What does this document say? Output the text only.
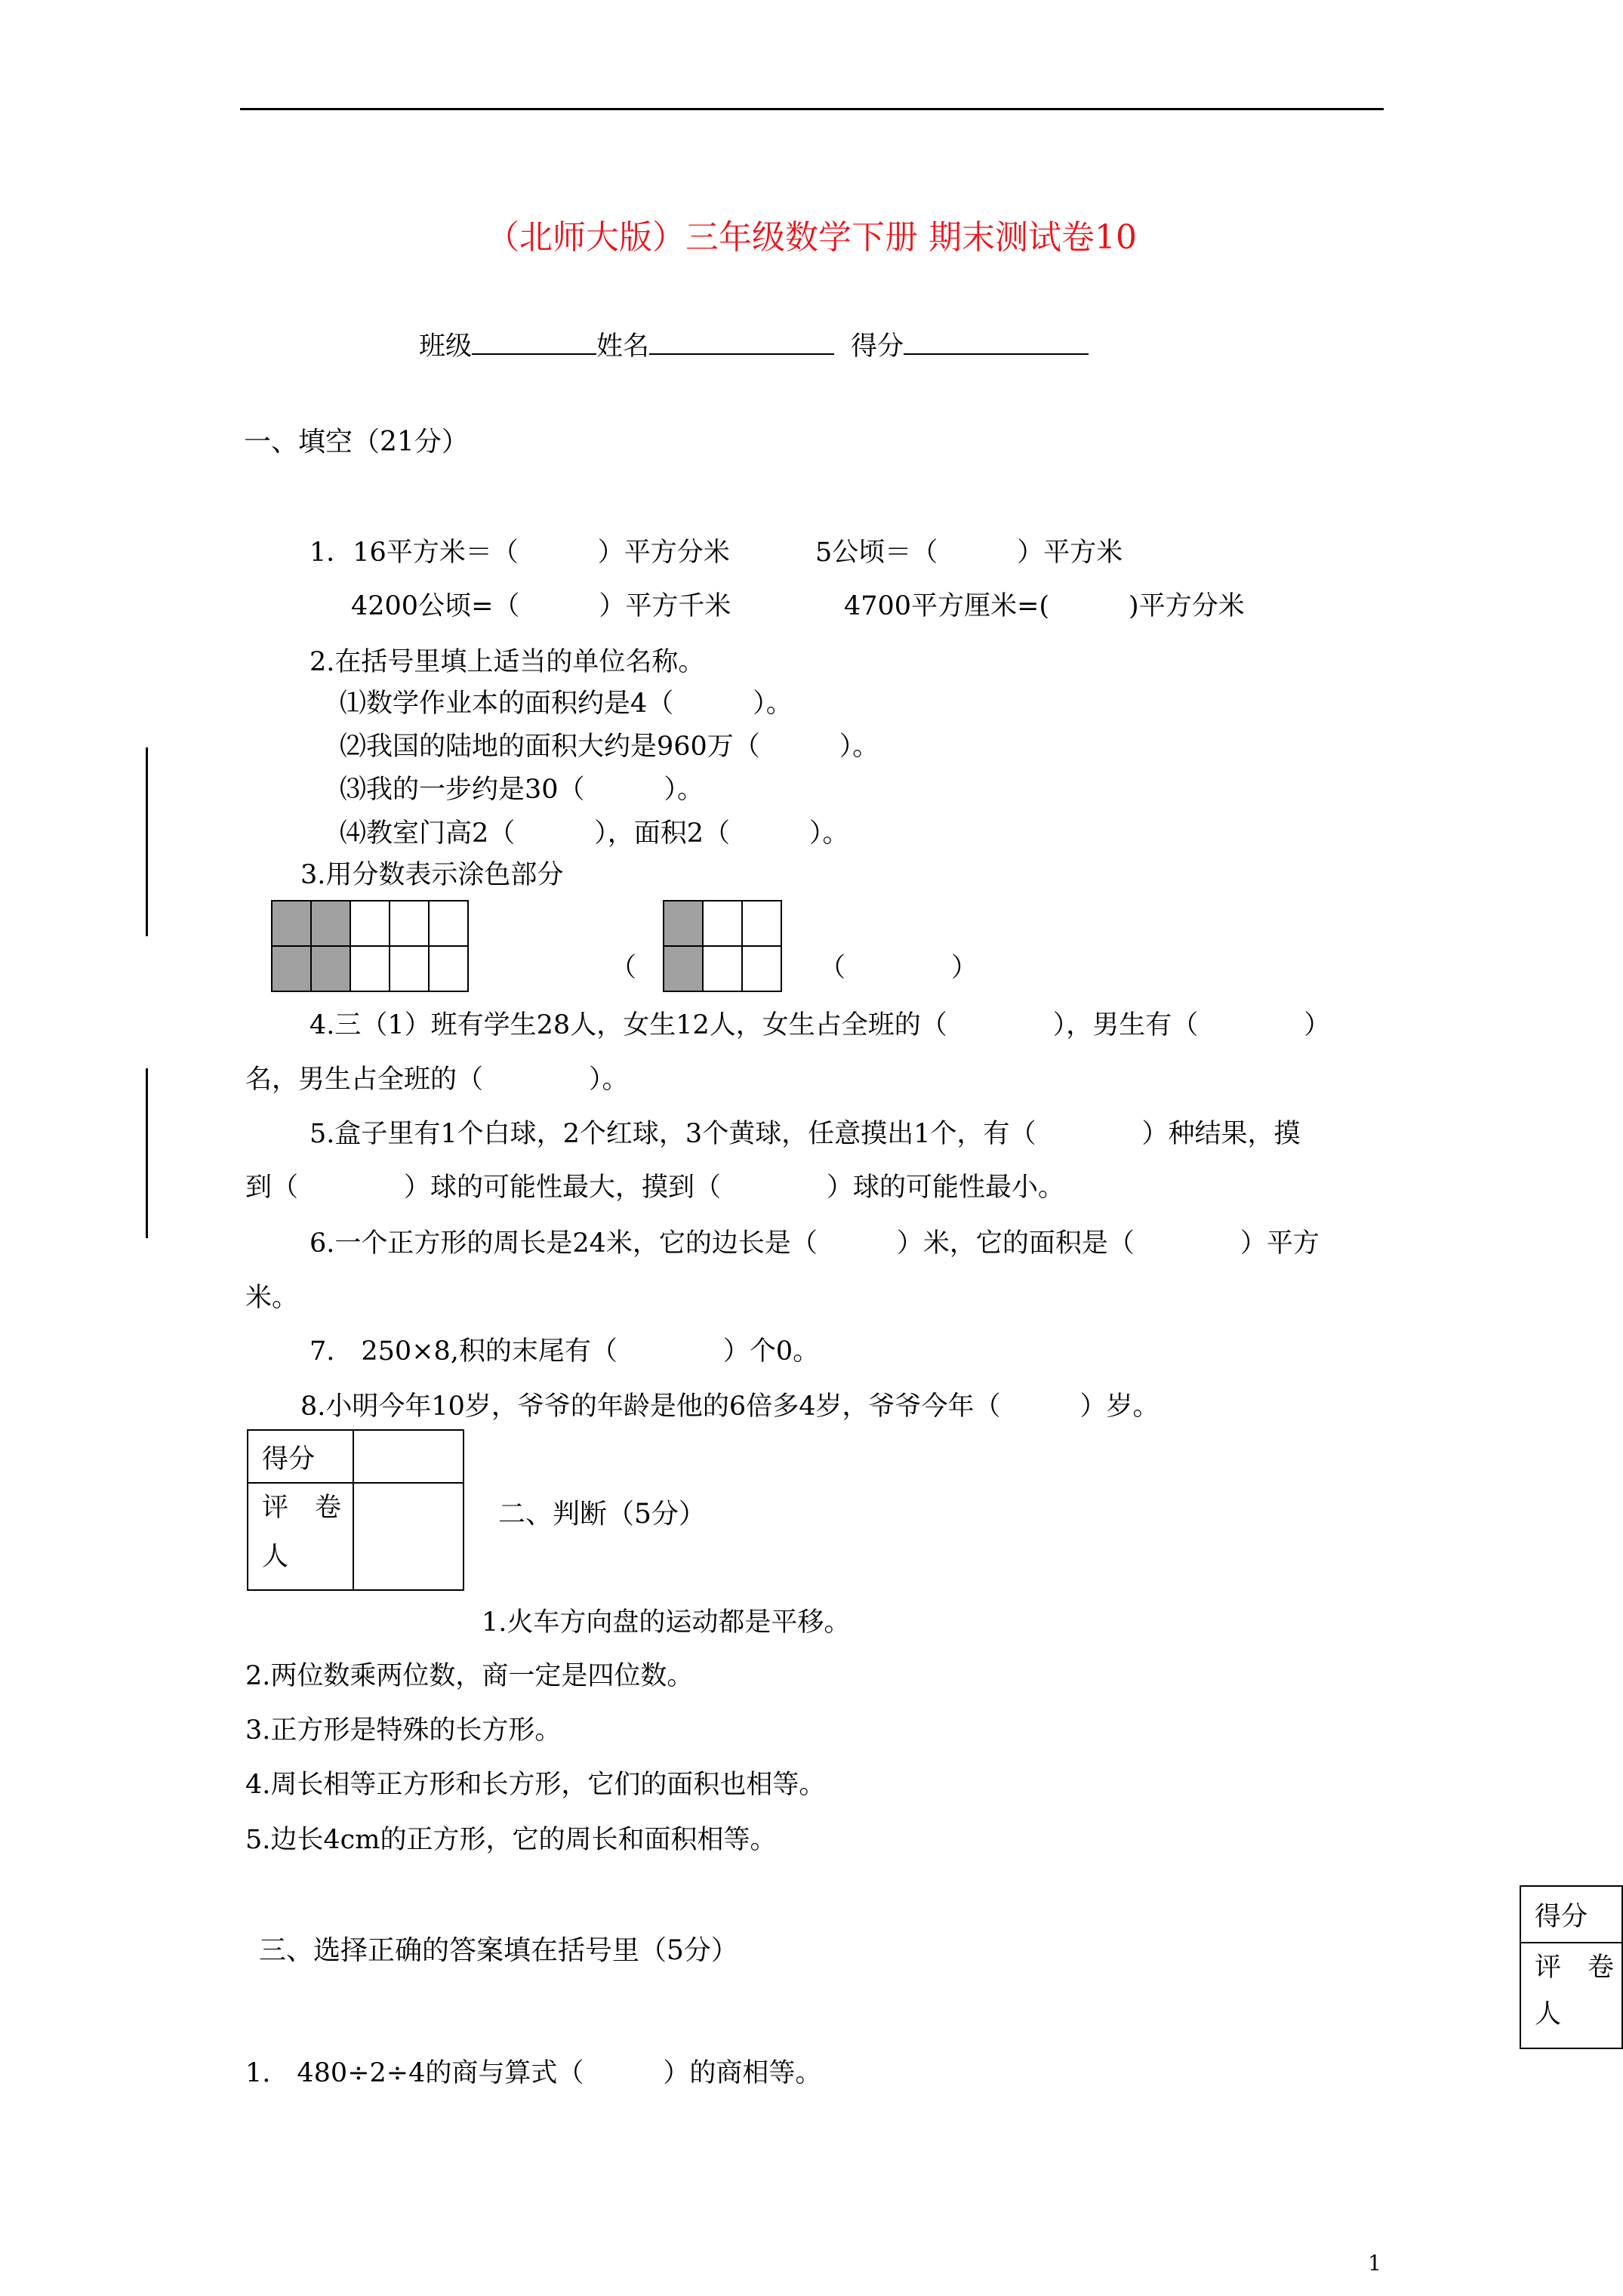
（北师大版）三年级数学下册 期末测试卷10
班级	姓名	得分
一、填空（21分）
1．16平方米＝（　　　）平方分米	5公顷＝（　　　）平方米
4200公顷=（　　　）平方千米	4700平方厘米=(　　　)平方分米
2.在括号里填上适当的单位名称。
⑴数学作业本的面积约是4（　　　）。
⑵我国的陆地的面积大约是960万（　　　）。
⑶我的一步约是30（　　　）。
⑷教室门高2（　　　），面积2（　　　）。
3.用分数表示涂色部分

（	（　　　　）
4.三（1）班有学生28人，女生12人，女生占全班的（　　　　），男生有（　　　　）
名，男生占全班的（　　　　）。
5.盒子里有1个白球，2个红球，3个黄球，任意摸出1个，有（　　　　）种结果，摸
到（　　　　）球的可能性最大，摸到（　　　　）球的可能性最小。
6.一个正方形的周长是24米，它的边长是（　　　）米，它的面积是（　　　　）平方
米。
7.　250×8,积的末尾有（　　　　）个0。
8.小明今年10岁，爷爷的年龄是他的6倍多4岁，爷爷今年（　　　）岁。
得分	

评　卷
人	

二、判断（5分）
1.火车方向盘的运动都是平移。
2.两位数乘两位数，商一定是四位数。
3.正方形是特殊的长方形。
4.周长相等正方形和长方形，它们的面积也相等。
5.边长4cm的正方形，它的周长和面积相等。
得分

评　卷
人
三、选择正确的答案填在括号里（5分）
1.　480÷2÷4的商与算式（　　　）的商相等。
1
